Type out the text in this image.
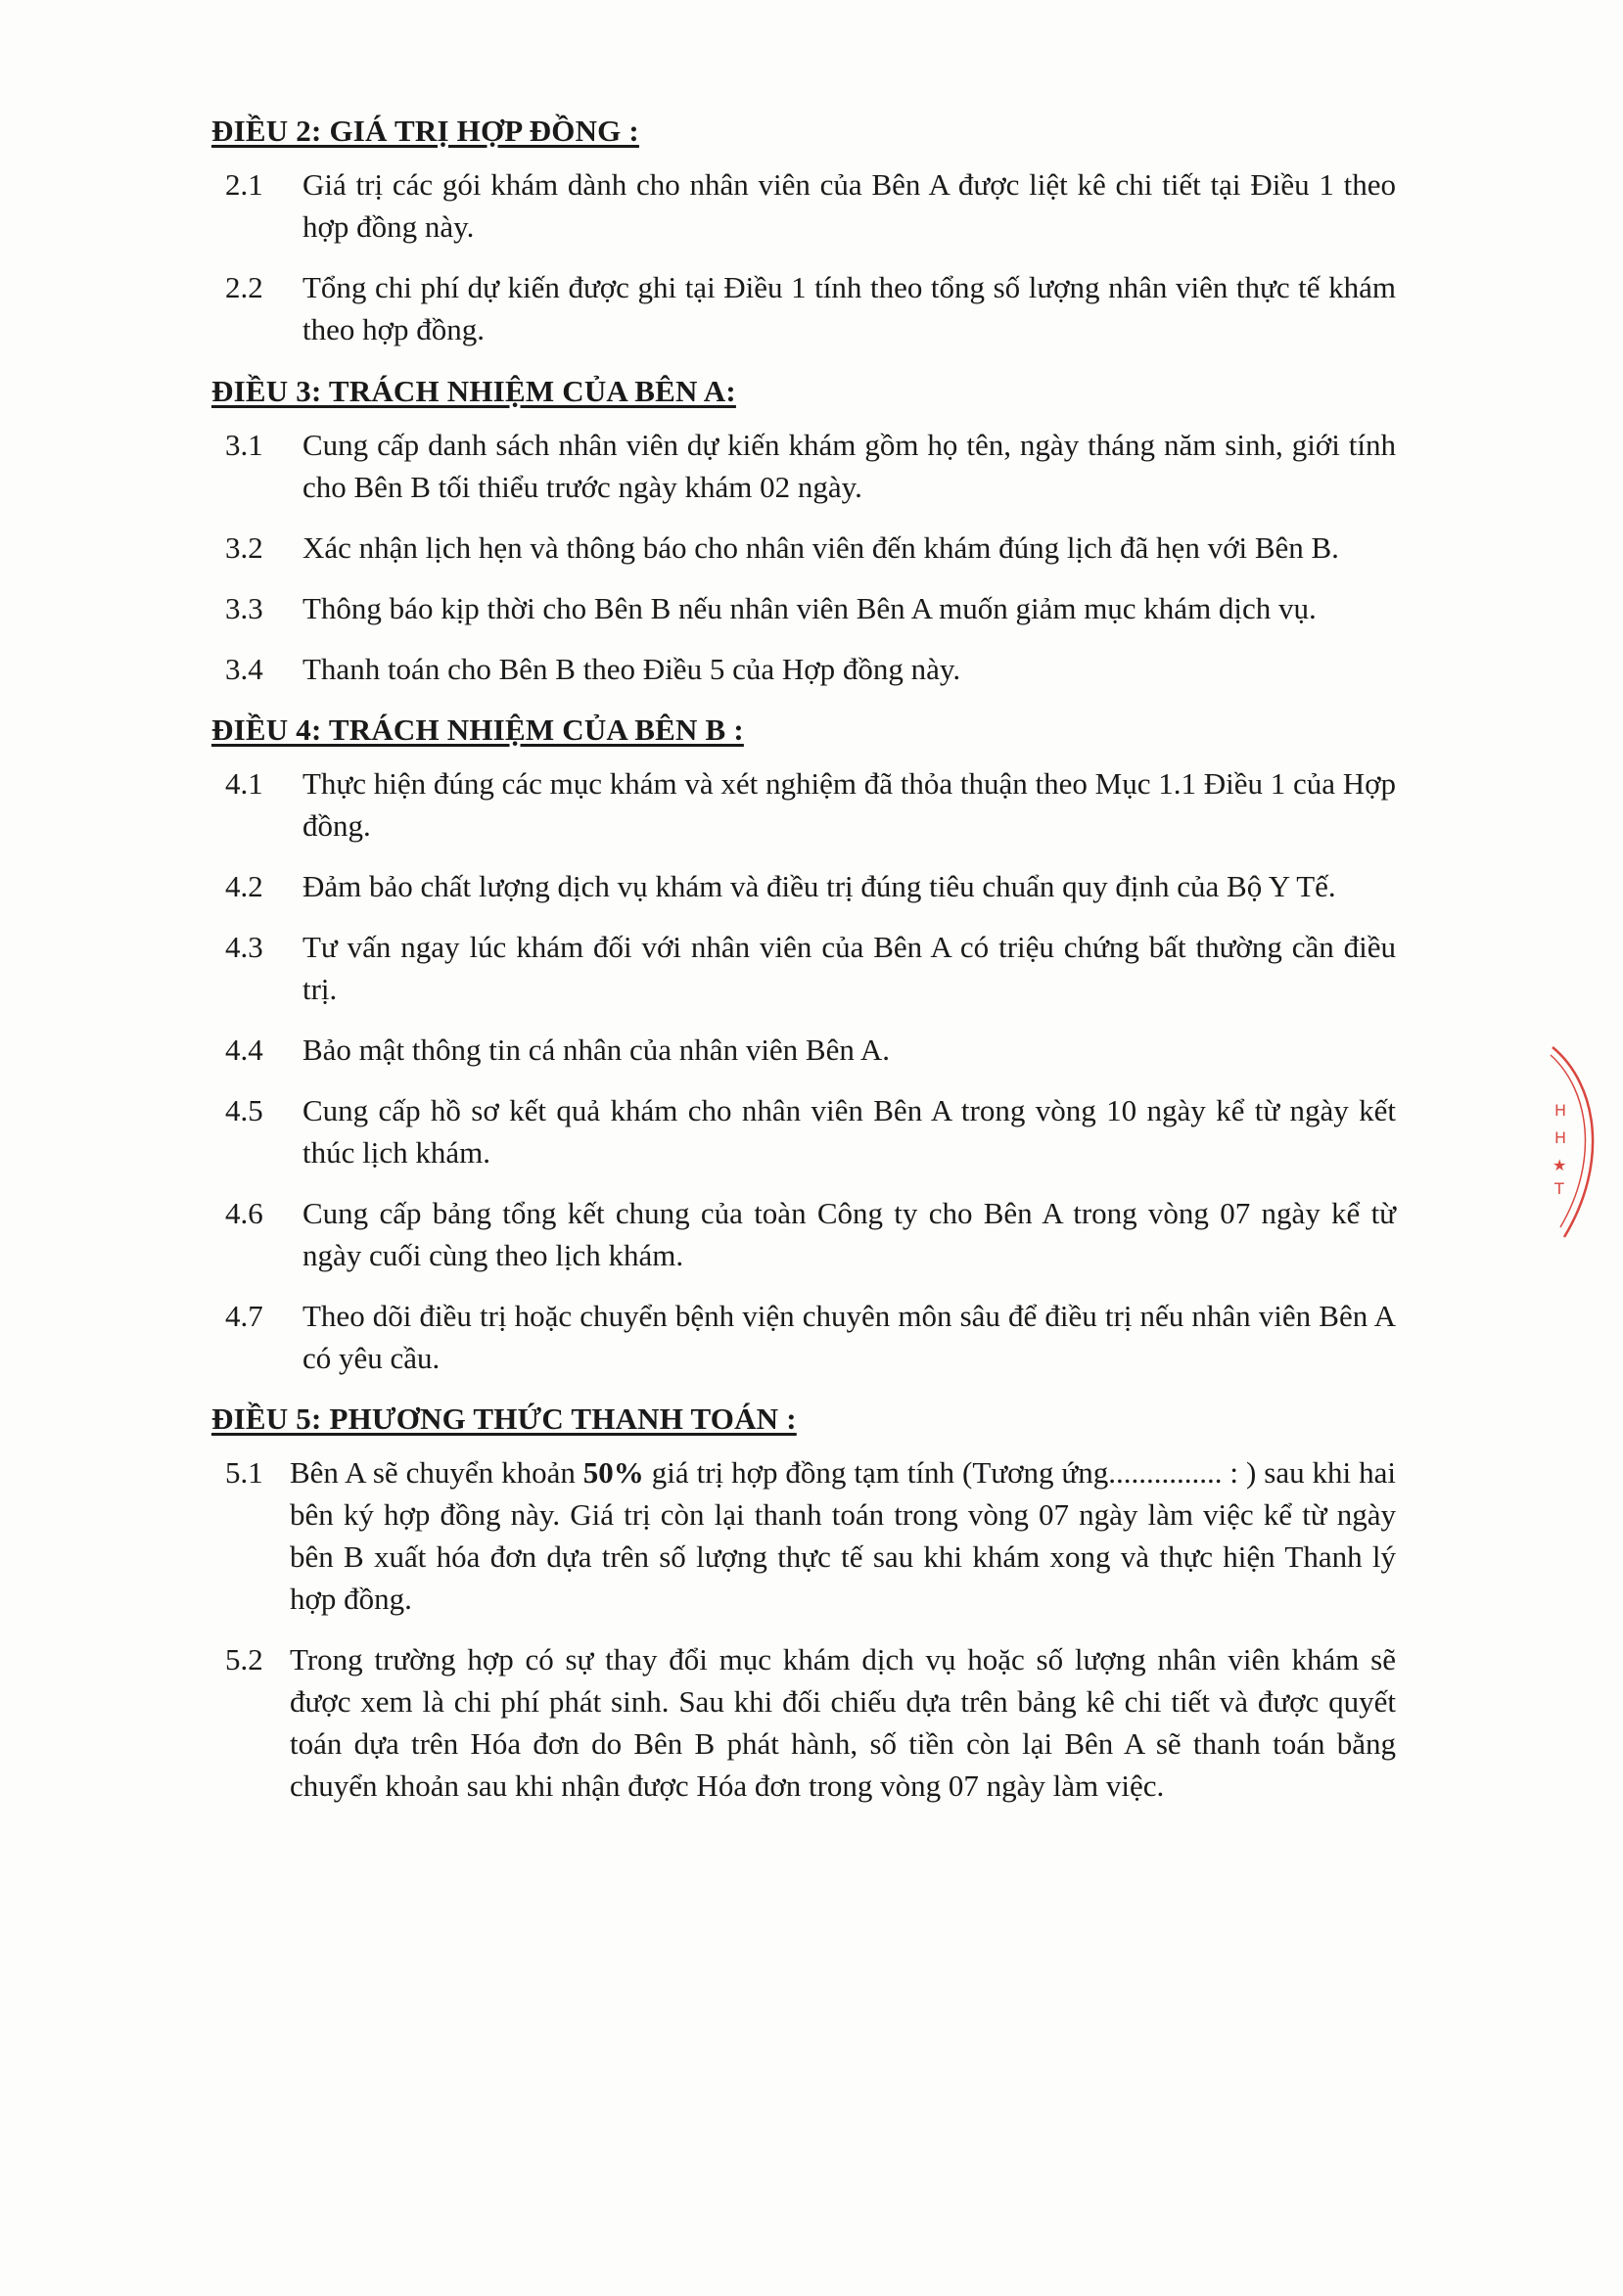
ĐIỀU 2: GIÁ TRỊ HỢP ĐỒNG :
2.1	Giá trị các gói khám dành cho nhân viên của Bên A được liệt kê chi tiết tại Điều 1 theo hợp đồng này.
2.2	Tổng chi phí dự kiến được ghi tại Điều 1 tính theo tổng số lượng nhân viên thực tế khám theo hợp đồng.
ĐIỀU 3: TRÁCH NHIỆM CỦA BÊN A:
3.1	Cung cấp danh sách nhân viên dự kiến khám gồm họ tên, ngày tháng năm sinh, giới tính cho Bên B tối thiểu trước ngày khám 02 ngày.
3.2	Xác nhận lịch hẹn và thông báo cho nhân viên đến khám đúng lịch đã hẹn với Bên B.
3.3	Thông báo kịp thời cho Bên B nếu nhân viên Bên A muốn giảm mục khám dịch vụ.
3.4	Thanh toán cho Bên B theo Điều 5 của Hợp đồng này.
ĐIỀU 4: TRÁCH NHIỆM CỦA BÊN B :
4.1	Thực hiện đúng các mục khám và xét nghiệm đã thỏa thuận theo Mục 1.1 Điều 1 của Hợp đồng.
4.2	Đảm bảo chất lượng dịch vụ khám và điều trị đúng tiêu chuẩn quy định của Bộ Y Tế.
4.3	Tư vấn ngay lúc khám đối với nhân viên của Bên A có triệu chứng bất thường cần điều trị.
4.4	Bảo mật thông tin cá nhân của nhân viên Bên A.
4.5	Cung cấp hồ sơ kết quả khám cho nhân viên Bên A trong vòng 10 ngày kể từ ngày kết thúc lịch khám.
4.6	Cung cấp bảng tổng kết chung của toàn Công ty cho Bên A trong vòng 07 ngày kể từ ngày cuối cùng theo lịch khám.
4.7	Theo dõi điều trị hoặc chuyển bệnh viện chuyên môn sâu để điều trị nếu nhân viên Bên A có yêu cầu.
ĐIỀU 5: PHƯƠNG THỨC THANH TOÁN :
5.1 Bên A sẽ chuyển khoản 50% giá trị hợp đồng tạm tính (Tương ứng............... : ) sau khi hai bên ký hợp đồng này. Giá trị còn lại thanh toán trong vòng 07 ngày làm việc kể từ ngày bên B xuất hóa đơn dựa trên số lượng thực tế sau khi khám xong và thực hiện Thanh lý hợp đồng.
5.2 Trong trường hợp có sự thay đổi mục khám dịch vụ hoặc số lượng nhân viên khám sẽ được xem là chi phí phát sinh. Sau khi đối chiếu dựa trên bảng kê chi tiết và được quyết toán dựa trên Hóa đơn do Bên B phát hành, số tiền còn lại Bên A sẽ thanh toán bằng chuyển khoản sau khi nhận được Hóa đơn trong vòng 07 ngày làm việc.
H
H
★
T
